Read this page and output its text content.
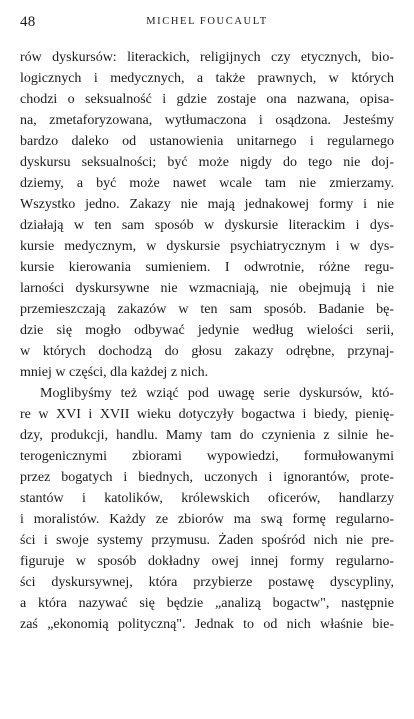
48	MICHEL FOUCAULT

rów dyskursów: literackich, religijnych czy etycznych, bio-
logicznych i medycznych, a także prawnych, w których
chodzi o seksualność i gdzie zostaje ona nazwana, opisa-
na, zmetaforyzowana, wytłumaczona i osądzona. Jesteśmy
bardzo daleko od ustanowienia unitarnego i regularnego
dyskursu seksualności; być może nigdy do tego nie doj-
dziemy, a być może nawet wcale tam nie zmierzamy.
Wszystko jedno. Zakazy nie mają jednakowej formy i nie
działają w ten sam sposób w dyskursie literackim i dys-
kursie medycznym, w dyskursie psychiatrycznym i w dys-
kursie kierowania sumieniem. I odwrotnie, różne regu-
larności dyskursywne nie wzmacniają, nie obejmują i nie
przemieszczają zakazów w ten sam sposób. Badanie bę-
dzie się mogło odbywać jedynie według wielości serii,
w których dochodzą do głosu zakazy odrębne, przynaj-
mniej w części, dla każdej z nich.

Moglibyśmy też wziąć pod uwagę serie dyskursów, któ-
re w XVI i XVII wieku dotyczyły bogactwa i biedy, pienię-
dzy, produkcji, handlu. Mamy tam do czynienia z silnie he-
terogenicznymi zbiorami wypowiedzi, formułowanymi
przez bogatych i biednych, uczonych i ignorantów, prote-
stantów i katolików, królewskich oficerów, handlarzy
i moralistów. Każdy ze zbiorów ma swą formę regularno-
ści i swoje systemy przymusu. Żaden spośród nich nie pre-
figuruje w sposób dokładny owej innej formy regularno-
ści dyskursywnej, która przybierze postawę dyscypliny,
a która nazywać się będzie „analizą bogactw", następnie
zaś „ekonomią polityczną". Jednak to od nich właśnie bie-
